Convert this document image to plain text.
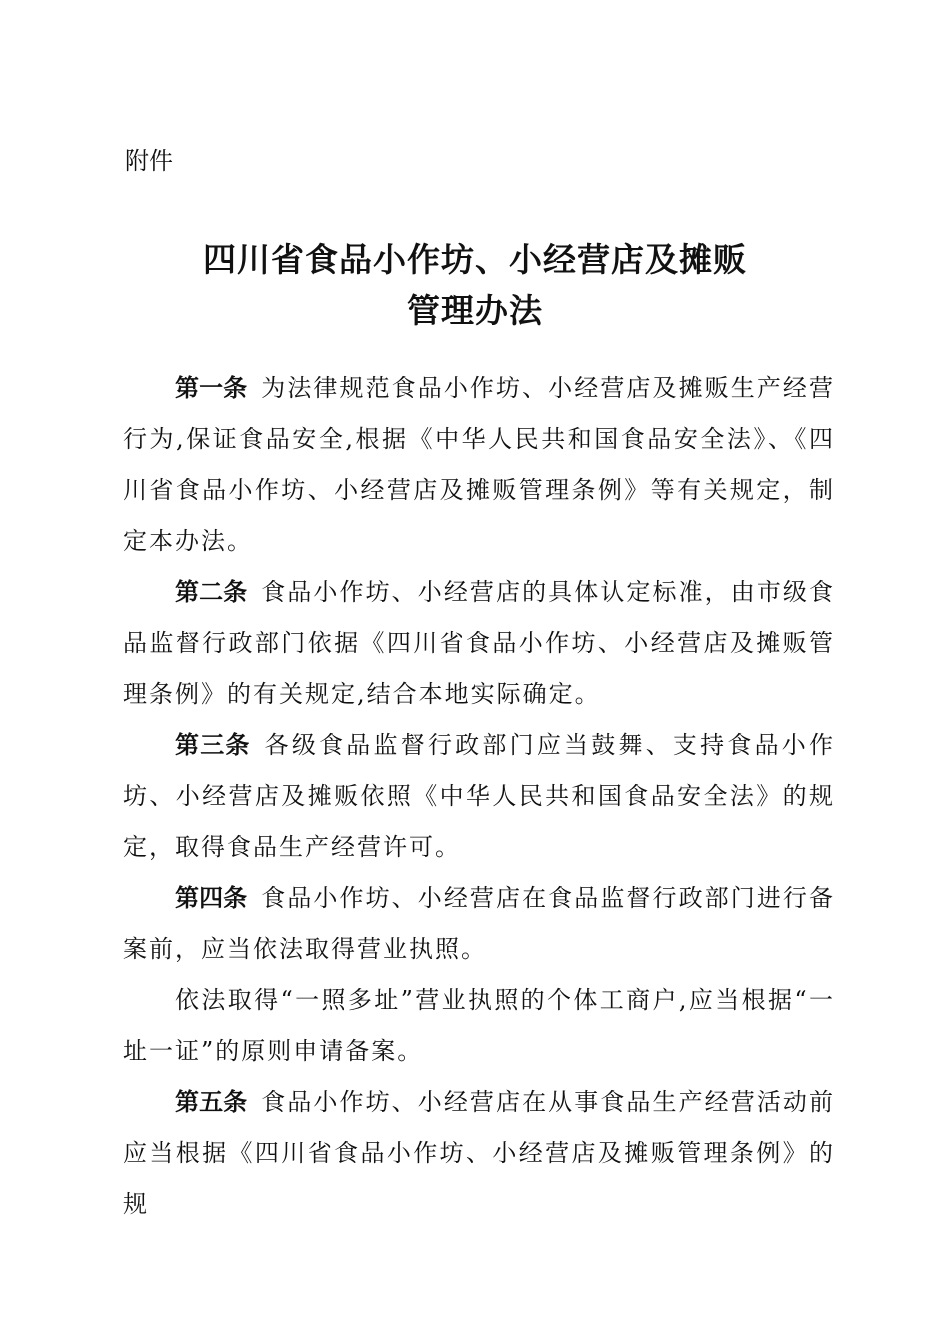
附件
四川省食品小作坊、小经营店及摊贩
管理办法

第一条 为法律规范食品小作坊、小经营店及摊贩生产经营行为,保证食品安全,根据《中华人民共和国食品安全法》、《四川省食品小作坊、小经营店及摊贩管理条例》等有关规定，制定本办法。

第二条 食品小作坊、小经营店的具体认定标准，由市级食品监督行政部门依据《四川省食品小作坊、小经营店及摊贩管理条例》的有关规定,结合本地实际确定。

第三条 各级食品监督行政部门应当鼓舞、支持食品小作坊、小经营店及摊贩依照《中华人民共和国食品安全法》的规定，取得食品生产经营许可。

第四条 食品小作坊、小经营店在食品监督行政部门进行备案前，应当依法取得营业执照。

依法取得“一照多址”营业执照的个体工商户,应当根据“一址一证”的原则申请备案。

第五条 食品小作坊、小经营店在从事食品生产经营活动前应当根据《四川省食品小作坊、小经营店及摊贩管理条例》的规
